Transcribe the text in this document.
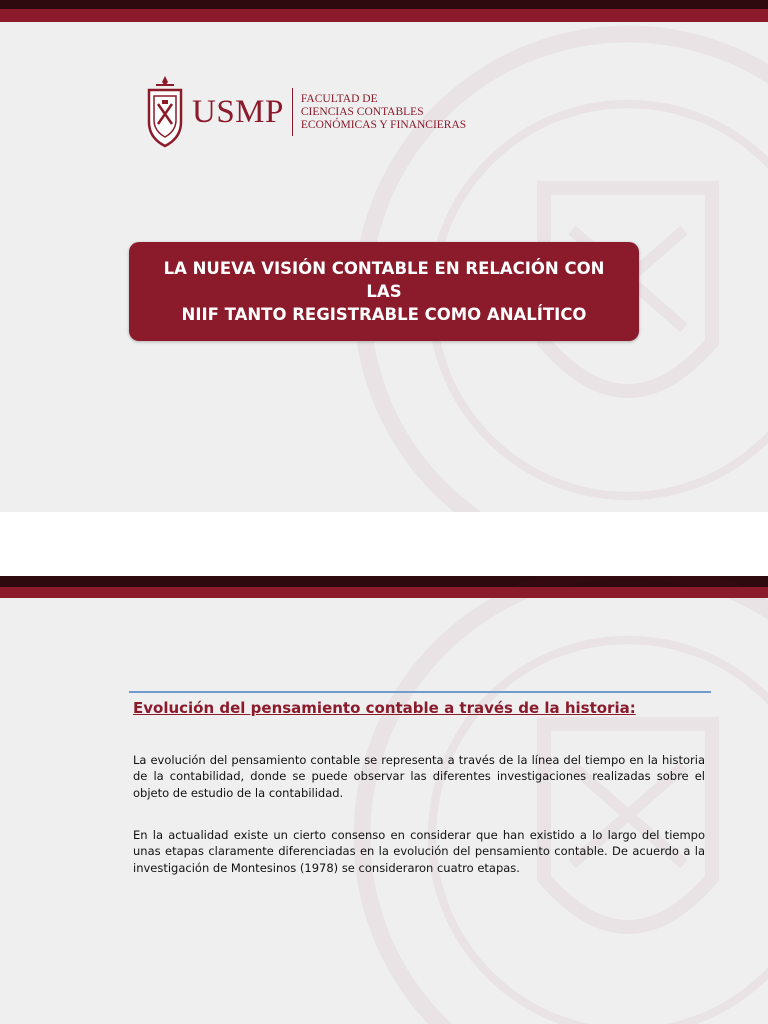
USMP FACULTAD DE
CIENCIAS CONTABLES
ECONÓMICAS Y FINANCIERAS
LA NUEVA VISIÓN CONTABLE EN RELACIÓN CON LAS
NIIF TANTO REGISTRABLE COMO ANALÍTICO
Evolución del pensamiento contable a través de la historia:

La evolución del pensamiento contable se representa a través de la línea del tiempo en la historia de la contabilidad, donde se puede observar las diferentes investigaciones realizadas sobre el objeto de estudio de la contabilidad.

En la actualidad existe un cierto consenso en considerar que han existido a lo largo del tiempo unas etapas claramente diferenciadas en la evolución del pensamiento contable. De acuerdo a la investigación de Montesinos (1978) se consideraron cuatro etapas.
